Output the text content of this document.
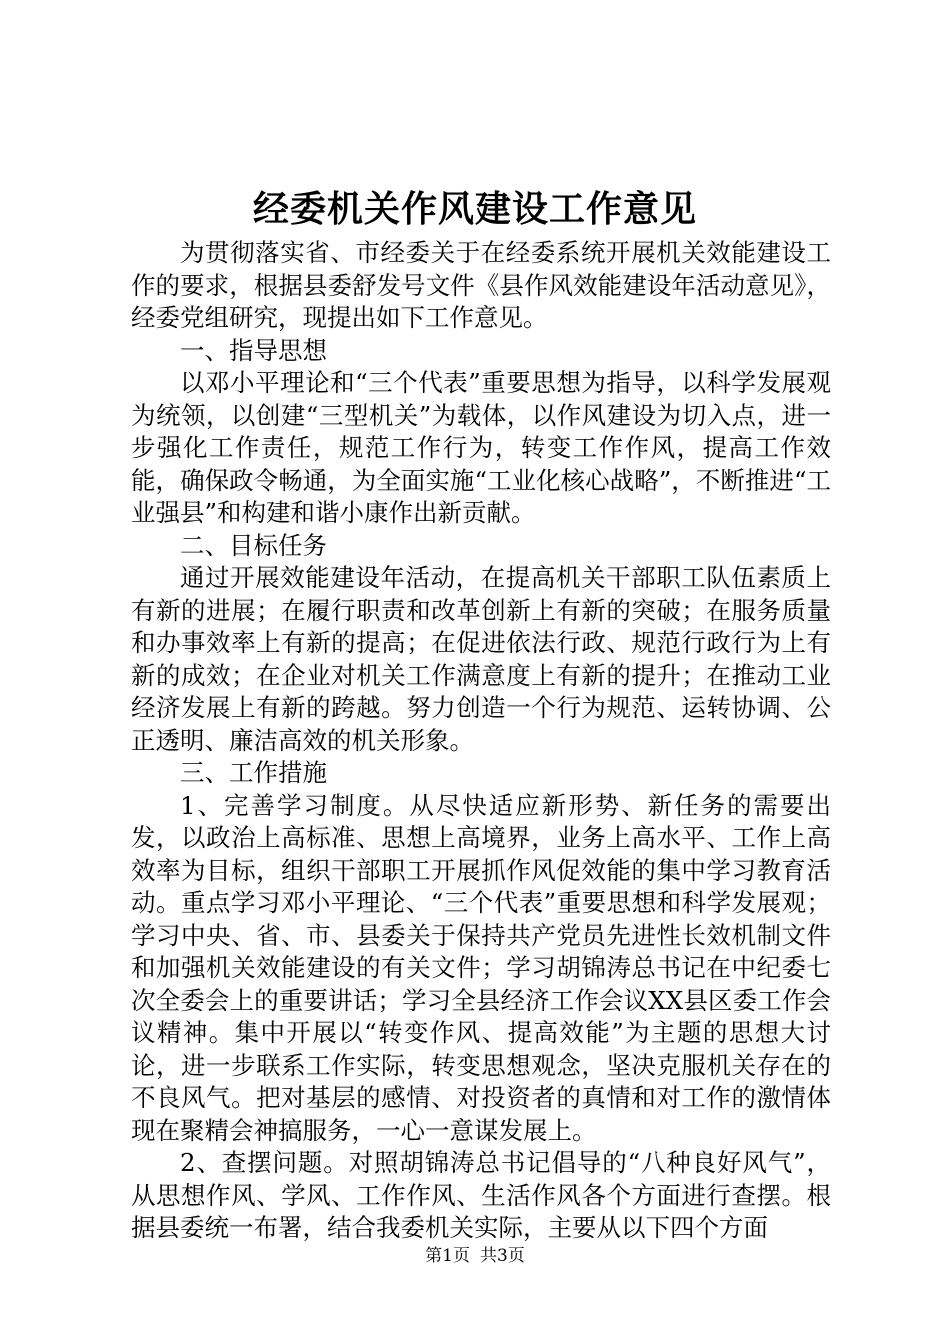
经委机关作风建设工作意见

为贯彻落实省、市经委关于在经委系统开展机关效能建设工作的要求，根据县委舒发号文件《县作风效能建设年活动意见》，经委党组研究，现提出如下工作意见。

一、指导思想

以邓小平理论和“三个代表”重要思想为指导，以科学发展观为统领，以创建“三型机关”为载体，以作风建设为切入点，进一步强化工作责任，规范工作行为，转变工作作风，提高工作效能，确保政令畅通，为全面实施“工业化核心战略”，不断推进“工业强县”和构建和谐小康作出新贡献。

二、目标任务

通过开展效能建设年活动，在提高机关干部职工队伍素质上有新的进展；在履行职责和改革创新上有新的突破；在服务质量和办事效率上有新的提高；在促进依法行政、规范行政行为上有新的成效；在企业对机关工作满意度上有新的提升；在推动工业经济发展上有新的跨越。努力创造一个行为规范、运转协调、公正透明、廉洁高效的机关形象。

三、工作措施

1、完善学习制度。从尽快适应新形势、新任务的需要出发，以政治上高标准、思想上高境界，业务上高水平、工作上高效率为目标，组织干部职工开展抓作风促效能的集中学习教育活动。重点学习邓小平理论、“三个代表”重要思想和科学发展观；学习中央、省、市、县委关于保持共产党员先进性长效机制文件和加强机关效能建设的有关文件；学习胡锦涛总书记在中纪委七次全委会上的重要讲话；学习全县经济工作会议XX县区委工作会议精神。集中开展以“转变作风、提高效能”为主题的思想大讨论，进一步联系工作实际，转变思想观念，坚决克服机关存在的不良风气。把对基层的感情、对投资者的真情和对工作的激情体现在聚精会神搞服务，一心一意谋发展上。

2、查摆问题。对照胡锦涛总书记倡导的“八种良好风气”，从思想作风、学风、工作作风、生活作风各个方面进行查摆。根据县委统一布署，结合我委机关实际，主要从以下四个方面

第1页 共3页
